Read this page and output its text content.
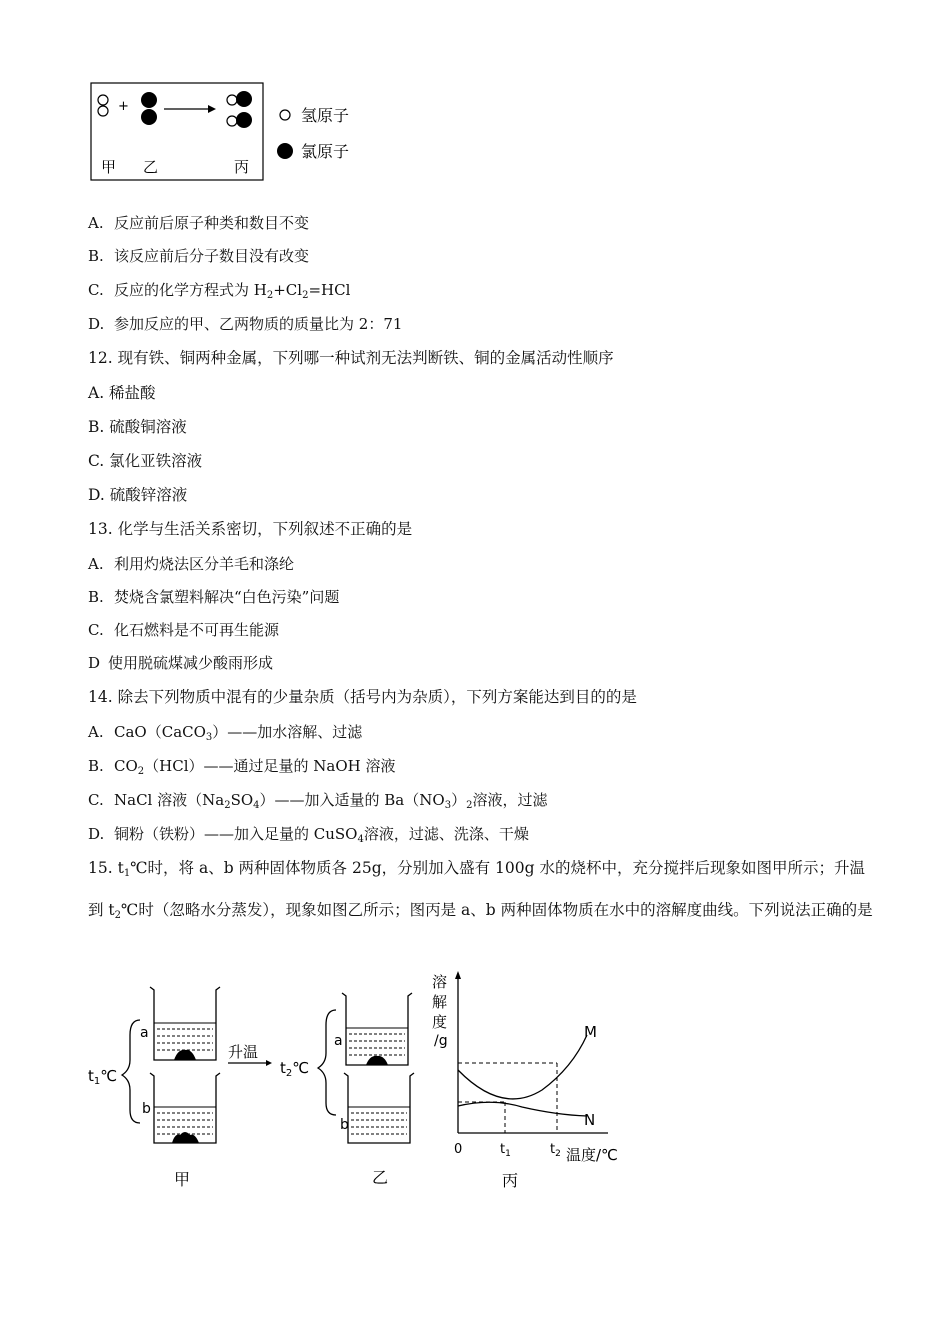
+
甲 乙	丙
氢原子
氯原子
A. 反应前后原子种类和数目不变
B. 该反应前后分子数目没有改变
C. 反应的化学方程式为 $H_2+Cl_2=HCl$
D. 参加反应的甲、乙两物质的质量比为 2：71
12. 现有铁、铜两种金属，下列哪一种试剂无法判断铁、铜的金属活动性顺序
A. 稀盐酸
B. 硫酸铜溶液
C. 氯化亚铁溶液
D. 硫酸锌溶液
13. 化学与生活关系密切，下列叙述不正确的是
A. 利用灼烧法区分羊毛和涤纶
B. 焚烧含氯塑料解决“白色污染”问题
C. 化石燃料是不可再生能源
D 使用脱硫煤减少酸雨形成
14. 除去下列物质中混有的少量杂质（括号内为杂质），下列方案能达到目的的是
A. CaO（CaCO$_3$）——加水溶解、过滤
B. $CO_2(HCl)——$通过足量的 NaOH 溶液
C. NaCl 溶液$(Na_2SO_4)——$加入适量的 $Ba(NO_3)_2$溶液，过滤
D. 铜粉（铁粉）——加入足量的 CuSO$_4$溶液，过滤、洗涤、干燥
15. $t_1℃$时，将 a、b 两种固体物质各 25g，分别加入盛有 100g 水的烧杯中，充分搅拌后现象如图甲所示；升温到 $t_2℃$时（忽略水分蒸发），现象如图乙所示；图丙是 a、b 两种固体物质在水中的溶解度曲线。下列说法正确的是
$t_1℃$
a
b
甲
升温
$t_2℃$
a
b
乙
溶
解
度
/g	M
N
0	$t_1$	$t_2$ 温度/℃
丙
